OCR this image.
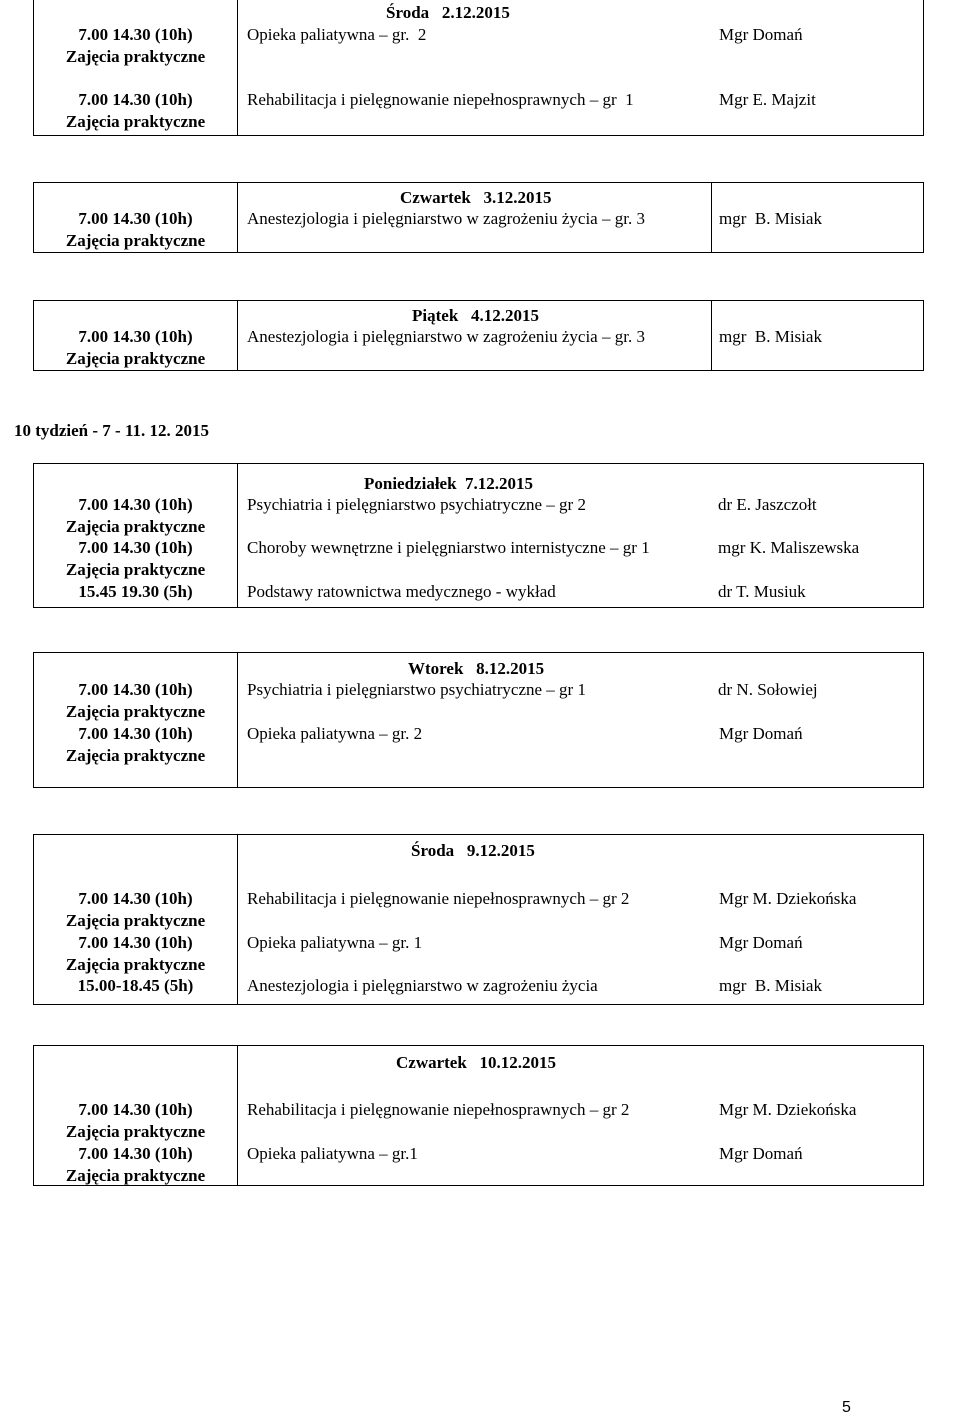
Środa   2.12.2015
7.00 14.30 (10h)
Zajęcia praktyczne
Opieka paliatywna – gr.  2	Mgr Domań
7.00 14.30 (10h)
Zajęcia praktyczne
Rehabilitacja i pielęgnowanie niepełnosprawnych – gr  1	Mgr E. Majzit
Czwartek   3.12.2015
7.00 14.30 (10h)
Zajęcia praktyczne
Anestezjologia i pielęgniarstwo w zagrożeniu życia – gr. 3	mgr  B. Misiak
Piątek   4.12.2015
7.00 14.30 (10h)
Zajęcia praktyczne
Anestezjologia i pielęgniarstwo w zagrożeniu życia – gr. 3	mgr  B. Misiak
10 tydzień - 7 - 11. 12. 2015
Poniedziałek  7.12.2015
7.00 14.30 (10h)
Zajęcia praktyczne
Psychiatria i pielęgniarstwo psychiatryczne – gr 2	dr E. Jaszczołt
7.00 14.30 (10h)
Zajęcia praktyczne
Choroby wewnętrzne i pielęgniarstwo internistyczne – gr 1	mgr K. Maliszewska
15.45 19.30 (5h)	Podstawy ratownictwa medycznego - wykład	dr T. Musiuk
Wtorek   8.12.2015
7.00 14.30 (10h)
Zajęcia praktyczne
Psychiatria i pielęgniarstwo psychiatryczne – gr 1	dr N. Sołowiej
7.00 14.30 (10h)
Zajęcia praktyczne
Opieka paliatywna – gr. 2	Mgr Domań
Środa   9.12.2015
7.00 14.30 (10h)
Zajęcia praktyczne
Rehabilitacja i pielęgnowanie niepełnosprawnych – gr 2	Mgr M. Dziekońska
7.00 14.30 (10h)
Zajęcia praktyczne
Opieka paliatywna – gr. 1	Mgr Domań
15.00-18.45 (5h)	Anestezjologia i pielęgniarstwo w zagrożeniu życia	mgr  B. Misiak
Czwartek   10.12.2015
7.00 14.30 (10h)
Zajęcia praktyczne
Rehabilitacja i pielęgnowanie niepełnosprawnych – gr 2	Mgr M. Dziekońska
7.00 14.30 (10h)
Zajęcia praktyczne
Opieka paliatywna – gr.1	Mgr Domań
5
